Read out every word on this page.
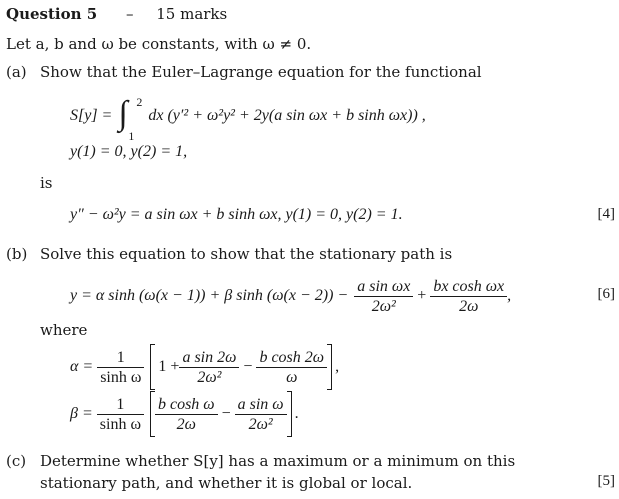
Question 5 – 15 marks
Let a, b and ω be constants, with ω ≠ 0.
(a) Show that the Euler–Lagrange equation for the functional
S[y] = ∫ 2
1
dx (y′² + ω²y² + 2y(a sin ωx + b sinh ωx)) ,
y(1) = 0, y(2) = 1,
is
y″ − ω²y = a sin ωx + b sinh ωx, y(1) = 0, y(2) = 1.	[4]
(b) Solve this equation to show that the stationary path is
y = α sinh (ω(x − 1)) + β $\sinh (\omega(x - 2)) - \frac{\text{a sin ωx}}{\text{2ω²}} + \frac{\text{bx cosh ωx}}{2\omega}$ ,	[6]
where
$\alpha = \frac{1}{\text{sinh ω}} 1 + \frac{\text{a sin 2ω}}{\text{2ω²}} - \frac{\text{b cosh 2ω}}{\omega}$ ,
$\beta = \frac{1}{\text{sinh ω}} \frac{\text{b cosh ω}}{2\omega} - \frac{\text{a sin ω}}{\text{2ω²}}$ .
(c) Determine whether S[y] has a maximum or a minimum on this
stationary path, and whether it is global or local.	[5]
